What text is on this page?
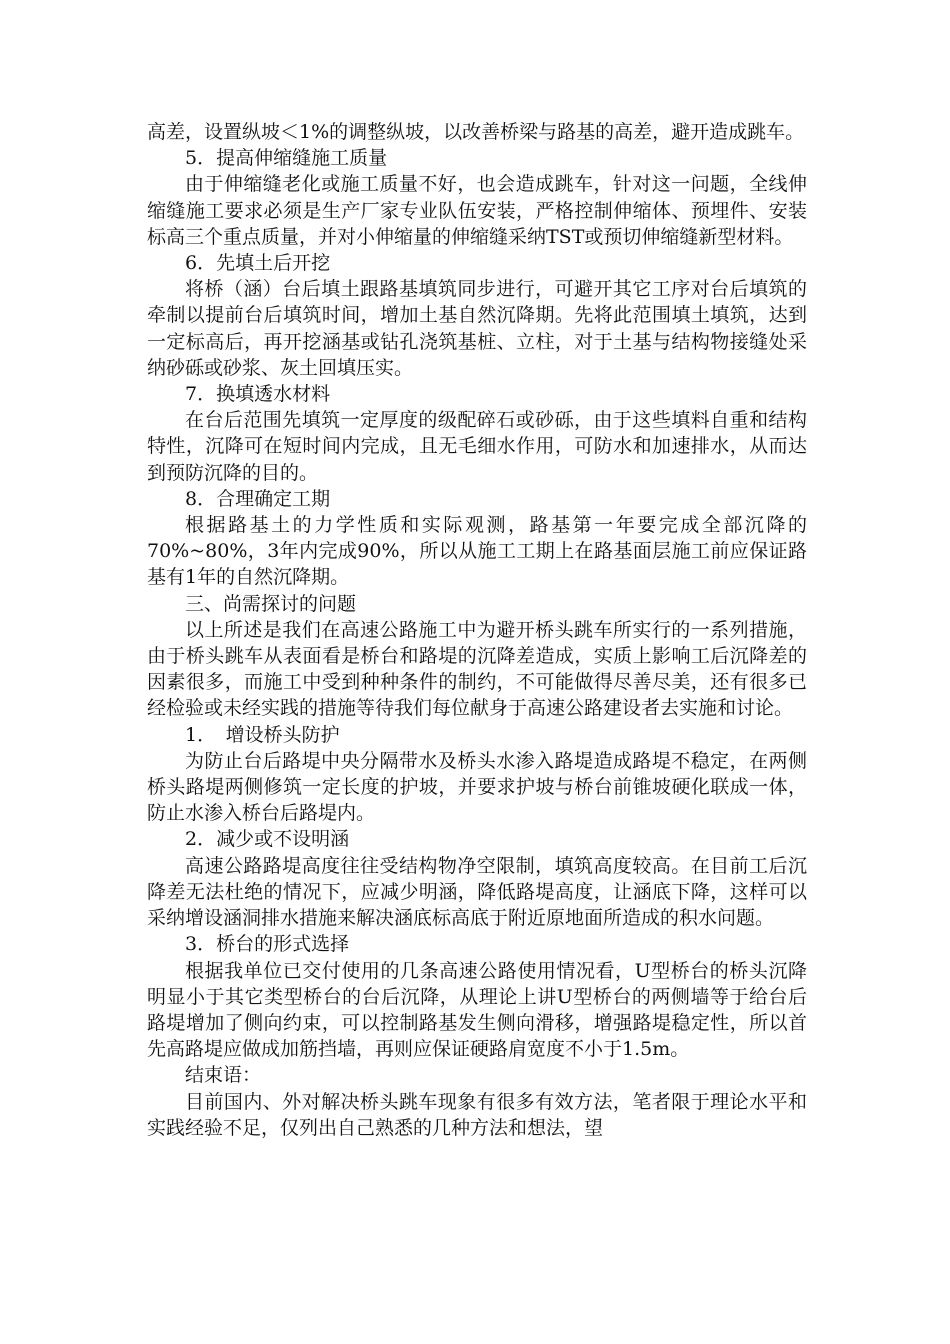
高差，设置纵坡＜1%的调整纵坡，以改善桥梁与路基的高差，避开造成跳车。

5．提高伸缩缝施工质量

由于伸缩缝老化或施工质量不好，也会造成跳车，针对这一问题，全线伸缩缝施工要求必须是生产厂家专业队伍安装，严格控制伸缩体、预埋件、安装标高三个重点质量，并对小伸缩量的伸缩缝采纳TST或预切伸缩缝新型材料。

6．先填土后开挖

将桥（涵）台后填土跟路基填筑同步进行，可避开其它工序对台后填筑的牵制以提前台后填筑时间，增加土基自然沉降期。先将此范围填土填筑，达到一定标高后，再开挖涵基或钻孔浇筑基桩、立柱，对于土基与结构物接缝处采纳砂砾或砂浆、灰土回填压实。

7．换填透水材料

在台后范围先填筑一定厚度的级配碎石或砂砾，由于这些填料自重和结构特性，沉降可在短时间内完成，且无毛细水作用，可防水和加速排水，从而达到预防沉降的目的。

8．合理确定工期

根据路基土的力学性质和实际观测，路基第一年要完成全部沉降的70%~80%，3年内完成90%，所以从施工工期上在路基面层施工前应保证路基有1年的自然沉降期。

三、尚需探讨的问题

以上所述是我们在高速公路施工中为避开桥头跳车所实行的一系列措施，由于桥头跳车从表面看是桥台和路堤的沉降差造成，实质上影响工后沉降差的因素很多，而施工中受到种种条件的制约，不可能做得尽善尽美，还有很多已经检验或未经实践的措施等待我们每位献身于高速公路建设者去实施和讨论。

1．　增设桥头防护

为防止台后路堤中央分隔带水及桥头水渗入路堤造成路堤不稳定，在两侧桥头路堤两侧修筑一定长度的护坡，并要求护坡与桥台前锥坡硬化联成一体，防止水渗入桥台后路堤内。

2．减少或不设明涵

高速公路路堤高度往往受结构物净空限制，填筑高度较高。在目前工后沉降差无法杜绝的情况下，应减少明涵，降低路堤高度，让涵底下降，这样可以采纳增设涵洞排水措施来解决涵底标高底于附近原地面所造成的积水问题。

3．桥台的形式选择

根据我单位已交付使用的几条高速公路使用情况看，U型桥台的桥头沉降明显小于其它类型桥台的台后沉降，从理论上讲U型桥台的两侧墙等于给台后路堤增加了侧向约束，可以控制路基发生侧向滑移，增强路堤稳定性，所以首先高路堤应做成加筋挡墙，再则应保证硬路肩宽度不小于1.5m。

结束语：

目前国内、外对解决桥头跳车现象有很多有效方法，笔者限于理论水平和实践经验不足，仅列出自己熟悉的几种方法和想法，望
